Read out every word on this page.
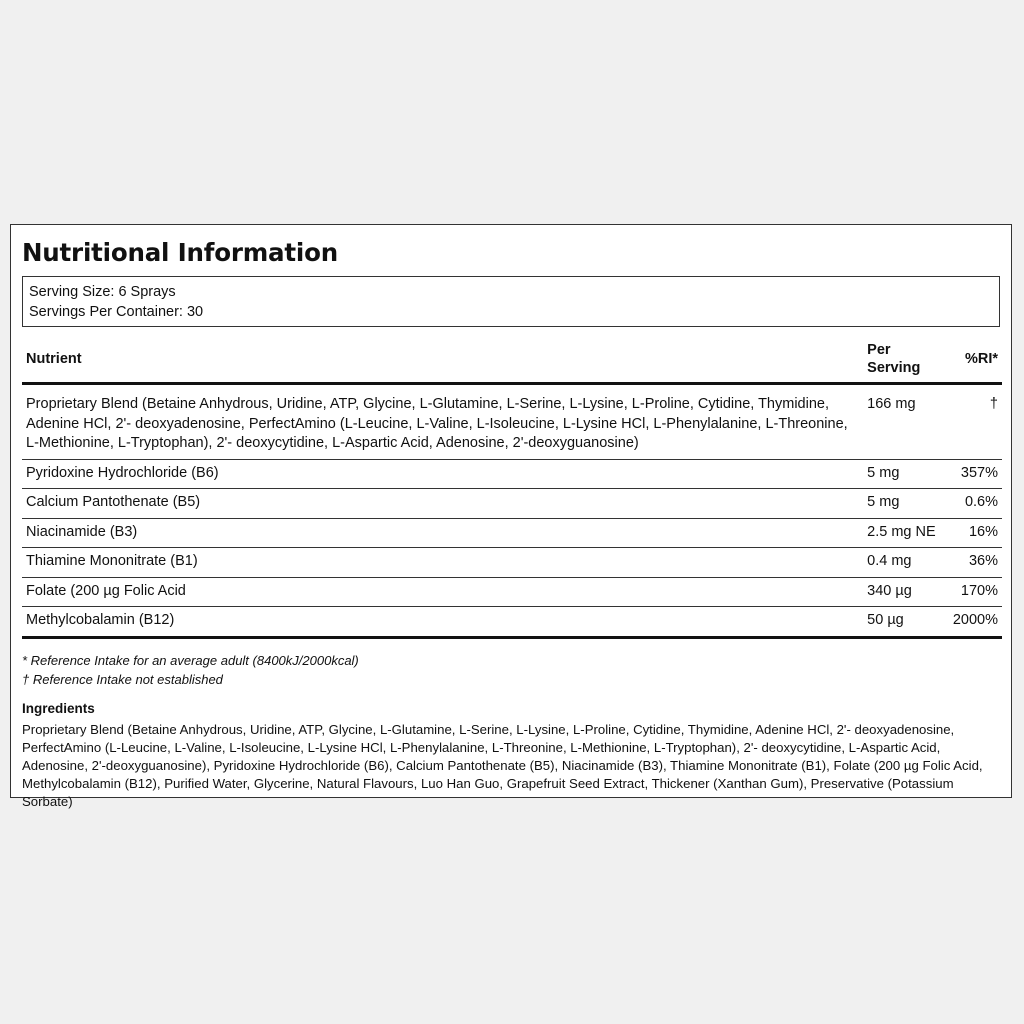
Nutritional Information
Serving Size: 6 Sprays
Servings Per Container: 30
Nutrient	Per Serving	%RI*
Proprietary Blend (Betaine Anhydrous, Uridine, ATP, Glycine, L-Glutamine, L-Serine, L-Lysine, L-Proline, Cytidine, Thymidine, Adenine HCl, 2'- deoxyadenosine, PerfectAmino (L-Leucine, L-Valine, L-Isoleucine, L-Lysine HCl, L-Phenylalanine, L-Threonine, L-Methionine, L-Tryptophan), 2'- deoxycytidine, L-Aspartic Acid, Adenosine, 2'-deoxyguanosine)	166 mg	†
Pyridoxine Hydrochloride (B6)	5 mg	357%
Calcium Pantothenate (B5)	5 mg	0.6%
Niacinamide (B3)	2.5 mg NE	16%
Thiamine Mononitrate (B1)	0.4 mg	36%
Folate (200 µg Folic Acid	340 µg	170%
Methylcobalamin (B12)	50 µg	2000%
* Reference Intake for an average adult (8400kJ/2000kcal)
† Reference Intake not established
Ingredients
Proprietary Blend (Betaine Anhydrous, Uridine, ATP, Glycine, L-Glutamine, L-Serine, L-Lysine, L-Proline, Cytidine, Thymidine, Adenine HCl, 2'- deoxyadenosine, PerfectAmino (L-Leucine, L-Valine, L-Isoleucine, L-Lysine HCl, L-Phenylalanine, L-Threonine, L-Methionine, L-Tryptophan), 2'- deoxycytidine, L-Aspartic Acid, Adenosine, 2'-deoxyguanosine), Pyridoxine Hydrochloride (B6), Calcium Pantothenate (B5), Niacinamide (B3), Thiamine Mononitrate (B1), Folate (200 µg Folic Acid, Methylcobalamin (B12), Purified Water, Glycerine, Natural Flavours, Luo Han Guo, Grapefruit Seed Extract, Thickener (Xanthan Gum), Preservative (Potassium Sorbate)
